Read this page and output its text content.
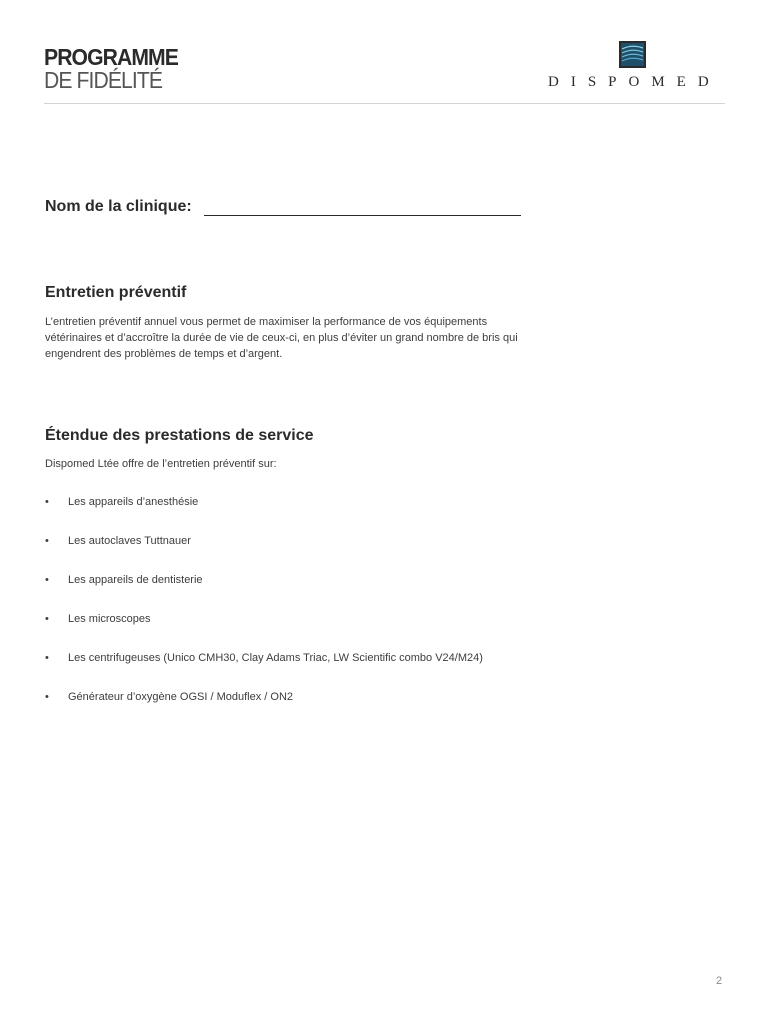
PROGRAMME
DE FIDÉLITÉ	DISPOMED
Nom de la clinique:
Entretien préventif
L’entretien préventif annuel vous permet de maximiser la performance de vos équipements vétérinaires et d’accroître la durée de vie de ceux-ci, en plus d’éviter un grand nombre de bris qui engendrent des problèmes de temps et d’argent.
Étendue des prestations de service
Dispomed Ltée offre de l’entretien préventif sur:
• Les appareils d’anesthésie
• Les autoclaves Tuttnauer
• Les appareils de dentisterie
• Les microscopes
• Les centrifugeuses (Unico CMH30, Clay Adams Triac, LW Scientific combo V24/M24)
• Générateur d’oxygène OGSI / Moduflex / ON2
2
